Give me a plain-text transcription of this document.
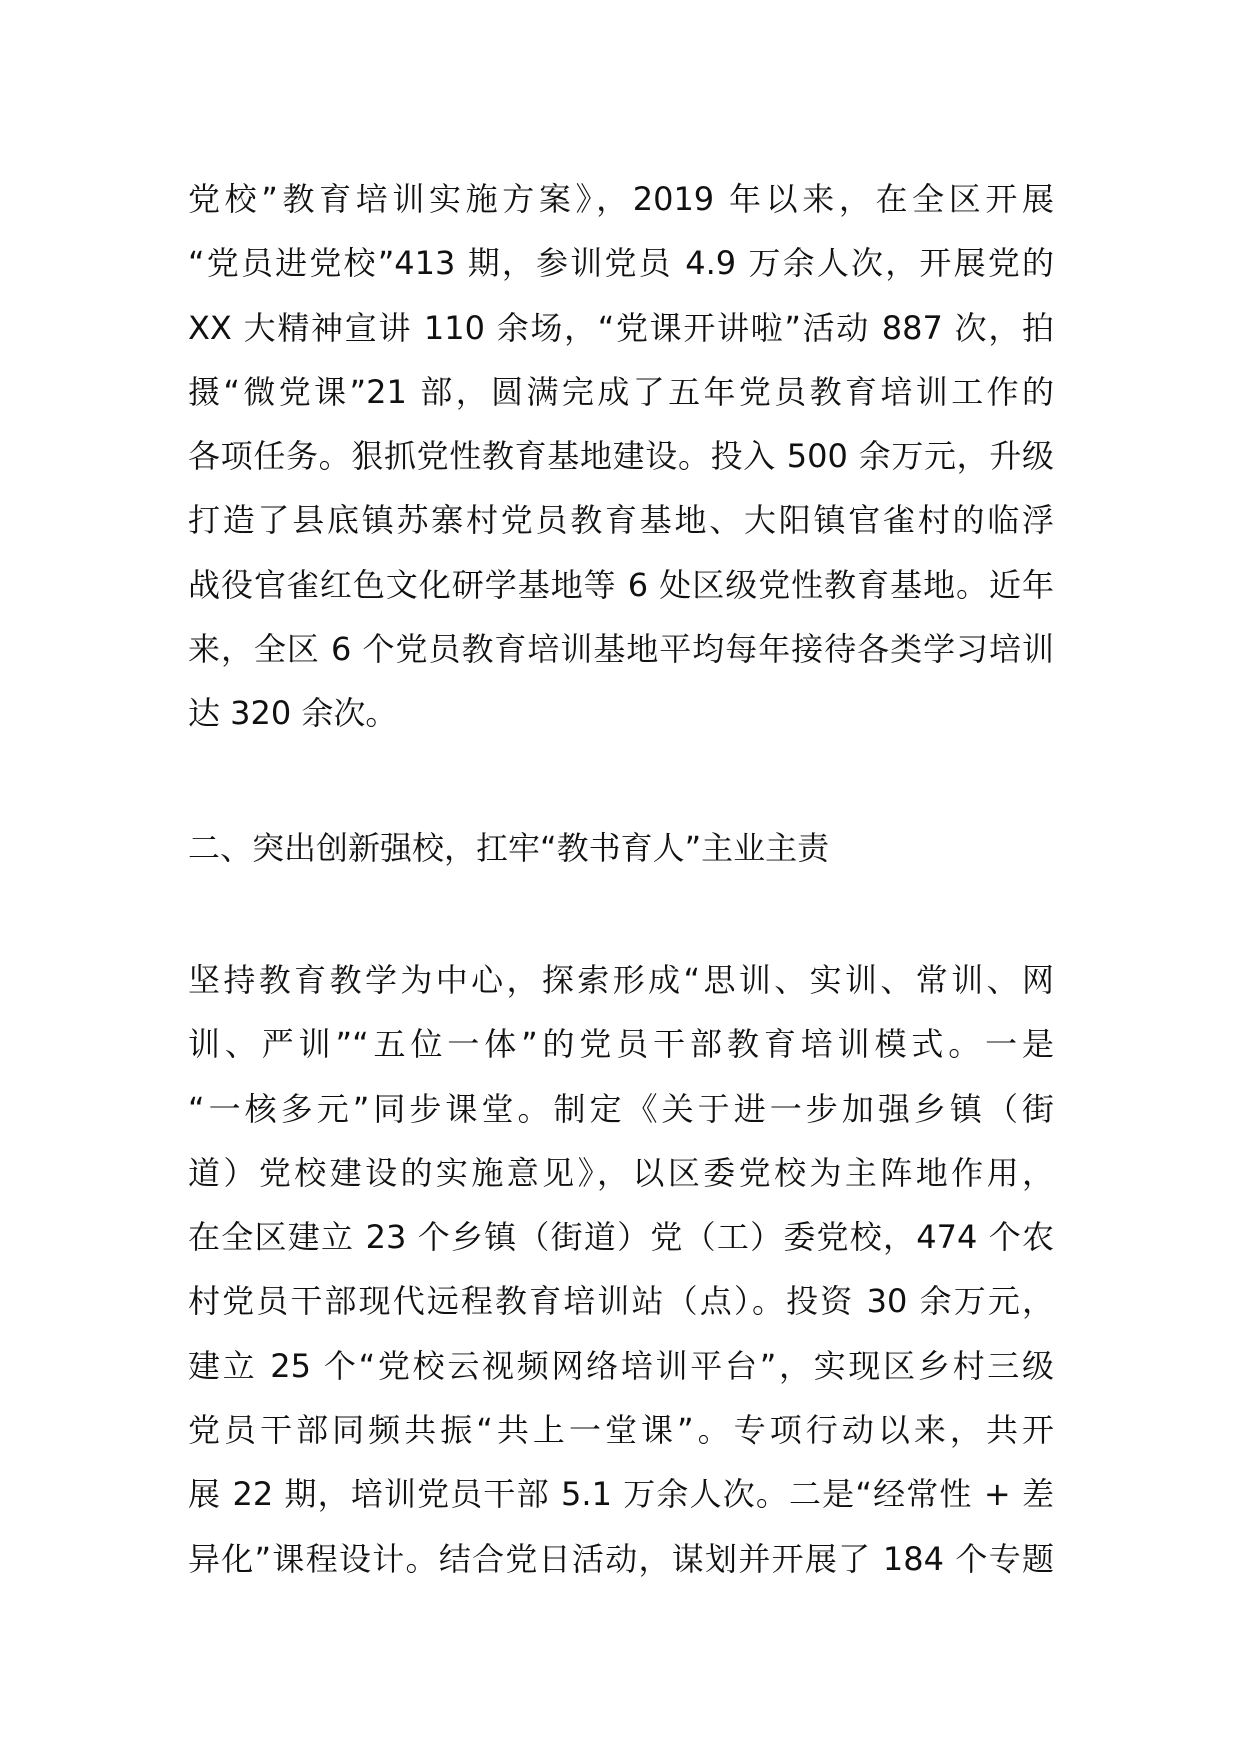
党校”教育培训实施方案》，2019 年以来，在全区开展
“党员进党校”413 期，参训党员 4.9 万余人次，开展党的
XX 大精神宣讲 110 余场，“党课开讲啦”活动 887 次，拍
摄“微党课”21 部，圆满完成了五年党员教育培训工作的
各项任务。狠抓党性教育基地建设。投入 500 余万元，升级
打造了县底镇苏寨村党员教育基地、大阳镇官雀村的临浮
战役官雀红色文化研学基地等 6 处区级党性教育基地。近年
来，全区 6 个党员教育培训基地平均每年接待各类学习培训
达 320 余次。
二、突出创新强校，扛牢“教书育人”主业主责
坚持教育教学为中心，探索形成“思训、实训、常训、网
训、严训”“五位一体”的党员干部教育培训模式。一是
“一核多元”同步课堂。制定《关于进一步加强乡镇（街
道）党校建设的实施意见》，以区委党校为主阵地作用，
在全区建立 23 个乡镇（街道）党（工）委党校，474 个农
村党员干部现代远程教育培训站（点）。投资 30 余万元，
建立 25 个“党校云视频网络培训平台”，实现区乡村三级
党员干部同频共振“共上一堂课”。专项行动以来，共开
展 22 期，培训党员干部 5.1 万余人次。二是“经常性 + 差
异化”课程设计。结合党日活动，谋划并开展了 184 个专题
